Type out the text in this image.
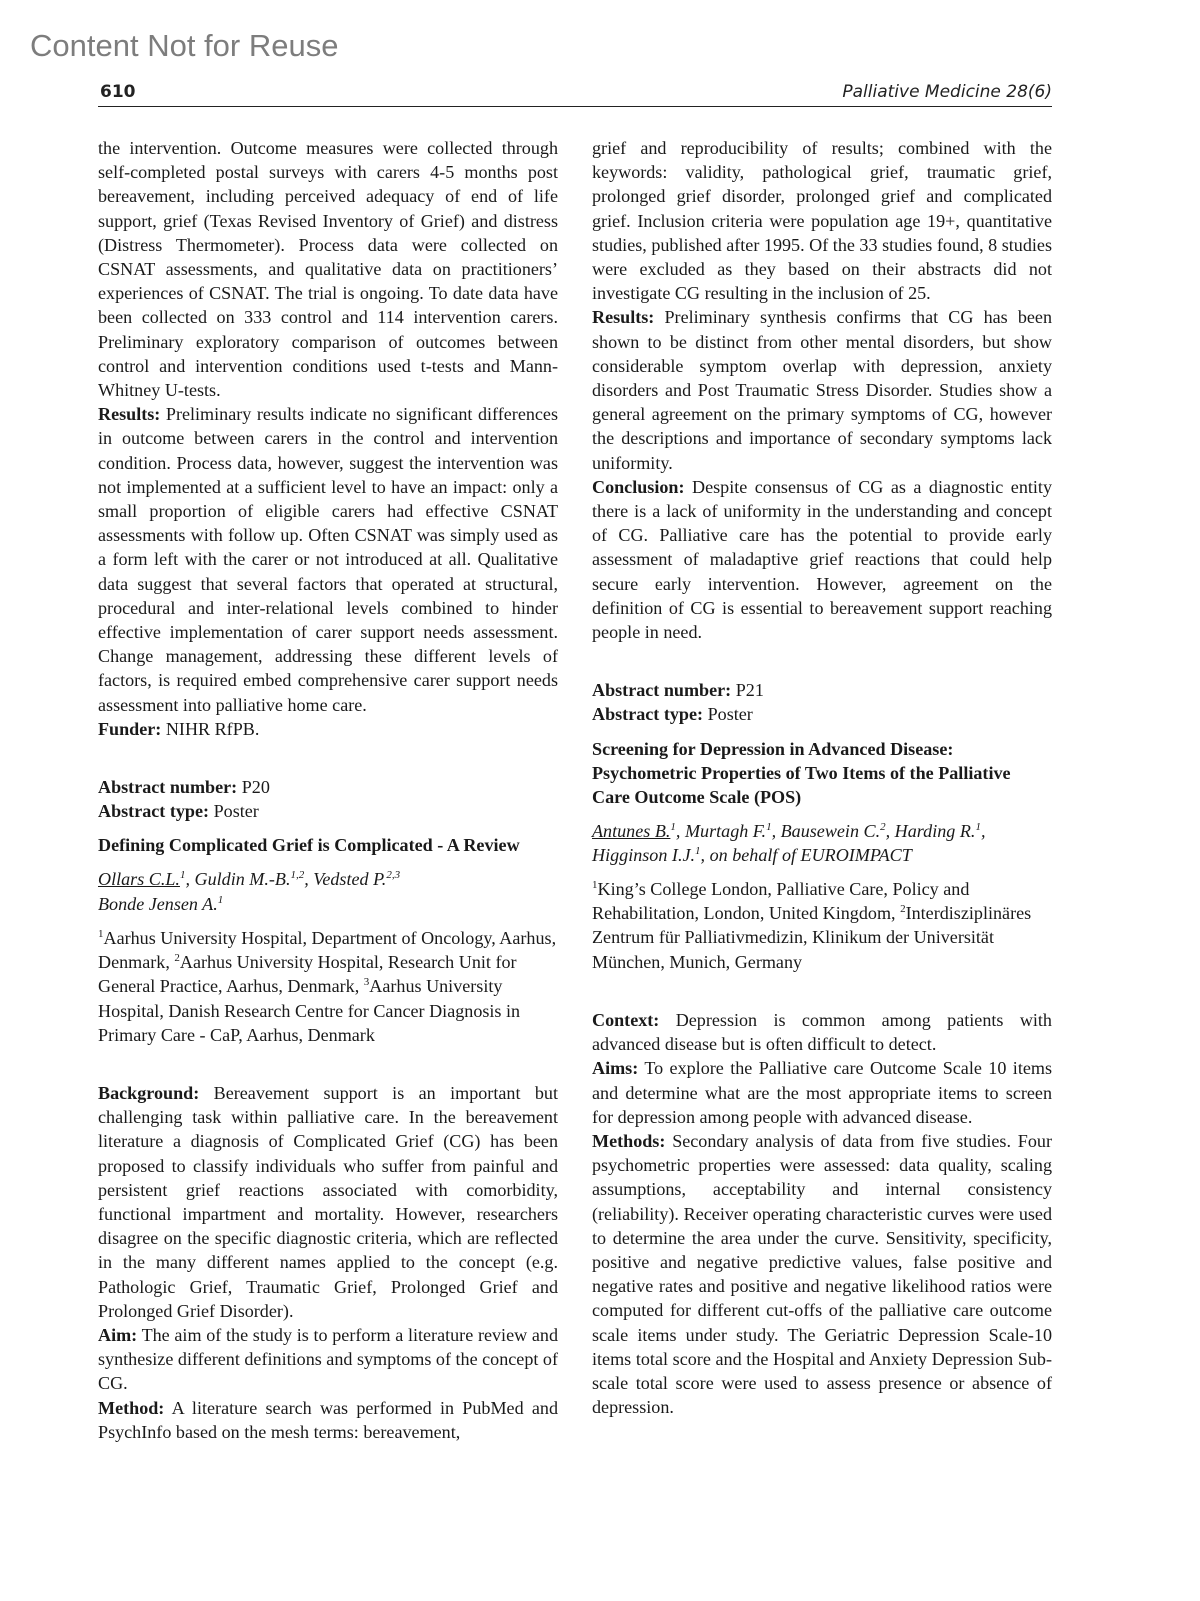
Content Not for Reuse
610	Palliative Medicine 28(6)

the intervention. Outcome measures were collected through self-completed postal surveys with carers 4-5 months post bereavement, including perceived adequacy of end of life support, grief (Texas Revised Inventory of Grief) and distress (Distress Thermometer). Process data were collected on CSNAT assessments, and qualitative data on practitioners’ experiences of CSNAT. The trial is ongoing. To date data have been collected on 333 control and 114 intervention carers. Preliminary exploratory comparison of outcomes between control and intervention conditions used t-tests and Mann-Whitney U-tests.

Results: Preliminary results indicate no significant differences in outcome between carers in the control and intervention condition. Process data, however, suggest the intervention was not implemented at a sufficient level to have an impact: only a small proportion of eligible carers had effective CSNAT assessments with follow up. Often CSNAT was simply used as a form left with the carer or not introduced at all. Qualitative data suggest that several factors that operated at structural, procedural and inter-relational levels combined to hinder effective implementation of carer support needs assessment. Change management, addressing these different levels of factors, is required embed comprehensive carer support needs assessment into palliative home care.

Funder: NIHR RfPB.

Abstract number: P20

Abstract type: Poster

Defining Complicated Grief is Complicated - A Review

Ollars C.L.$^1$, Guldin M.-B.$^{1,2}$, Vedsted P.$^{2,3}$
Bonde Jensen A.$^1$

$^1$Aarhus University Hospital, Department of Oncology, Aarhus, Denmark, $^2$Aarhus University Hospital, Research Unit for General Practice, Aarhus, Denmark, $^3$Aarhus University Hospital, Danish Research Centre for Cancer Diagnosis in Primary Care - CaP, Aarhus, Denmark

Background: Bereavement support is an important but challenging task within palliative care. In the bereavement literature a diagnosis of Complicated Grief (CG) has been proposed to classify individuals who suffer from painful and persistent grief reactions associated with comorbidity, functional impartment and mortality. However, researchers disagree on the specific diagnostic criteria, which are reflected in the many different names applied to the concept (e.g. Pathologic Grief, Traumatic Grief, Prolonged Grief and Prolonged Grief Disorder).

Aim: The aim of the study is to perform a literature review and synthesize different definitions and symptoms of the concept of CG.

Method: A literature search was performed in PubMed and PsychInfo based on the mesh terms: bereavement,

grief and reproducibility of results; combined with the keywords: validity, pathological grief, traumatic grief, prolonged grief disorder, prolonged grief and complicated grief. Inclusion criteria were population age 19+, quantitative studies, published after 1995. Of the 33 studies found, 8 studies were excluded as they based on their abstracts did not investigate CG resulting in the inclusion of 25.

Results: Preliminary synthesis confirms that CG has been shown to be distinct from other mental disorders, but show considerable symptom overlap with depression, anxiety disorders and Post Traumatic Stress Disorder. Studies show a general agreement on the primary symptoms of CG, however the descriptions and importance of secondary symptoms lack uniformity.

Conclusion: Despite consensus of CG as a diagnostic entity there is a lack of uniformity in the understanding and concept of CG. Palliative care has the potential to provide early assessment of maladaptive grief reactions that could help secure early intervention. However, agreement on the definition of CG is essential to bereavement support reaching people in need.

Abstract number: P21

Abstract type: Poster

Screening for Depression in Advanced Disease: Psychometric Properties of Two Items of the Palliative Care Outcome Scale (POS)

Antunes B.$^1$, Murtagh F.$^1$, Bausewein C.$^2$, Harding R.$^1$, Higginson I.J.$^1$, on behalf of EUROIMPACT

$^1$King’s College London, Palliative Care, Policy and Rehabilitation, London, United Kingdom, $^2$Interdisziplinäres Zentrum für Palliativmedizin, Klinikum der Universität München, Munich, Germany

Context: Depression is common among patients with advanced disease but is often difficult to detect.

Aims: To explore the Palliative care Outcome Scale 10 items and determine what are the most appropriate items to screen for depression among people with advanced disease.

Methods: Secondary analysis of data from five studies. Four psychometric properties were assessed: data quality, scaling assumptions, acceptability and internal consistency (reliability). Receiver operating characteristic curves were used to determine the area under the curve. Sensitivity, specificity, positive and negative predictive values, false positive and negative rates and positive and negative likelihood ratios were computed for different cut-offs of the palliative care outcome scale items under study. The Geriatric Depression Scale-10 items total score and the Hospital and Anxiety Depression Sub-scale total score were used to assess presence or absence of depression.
